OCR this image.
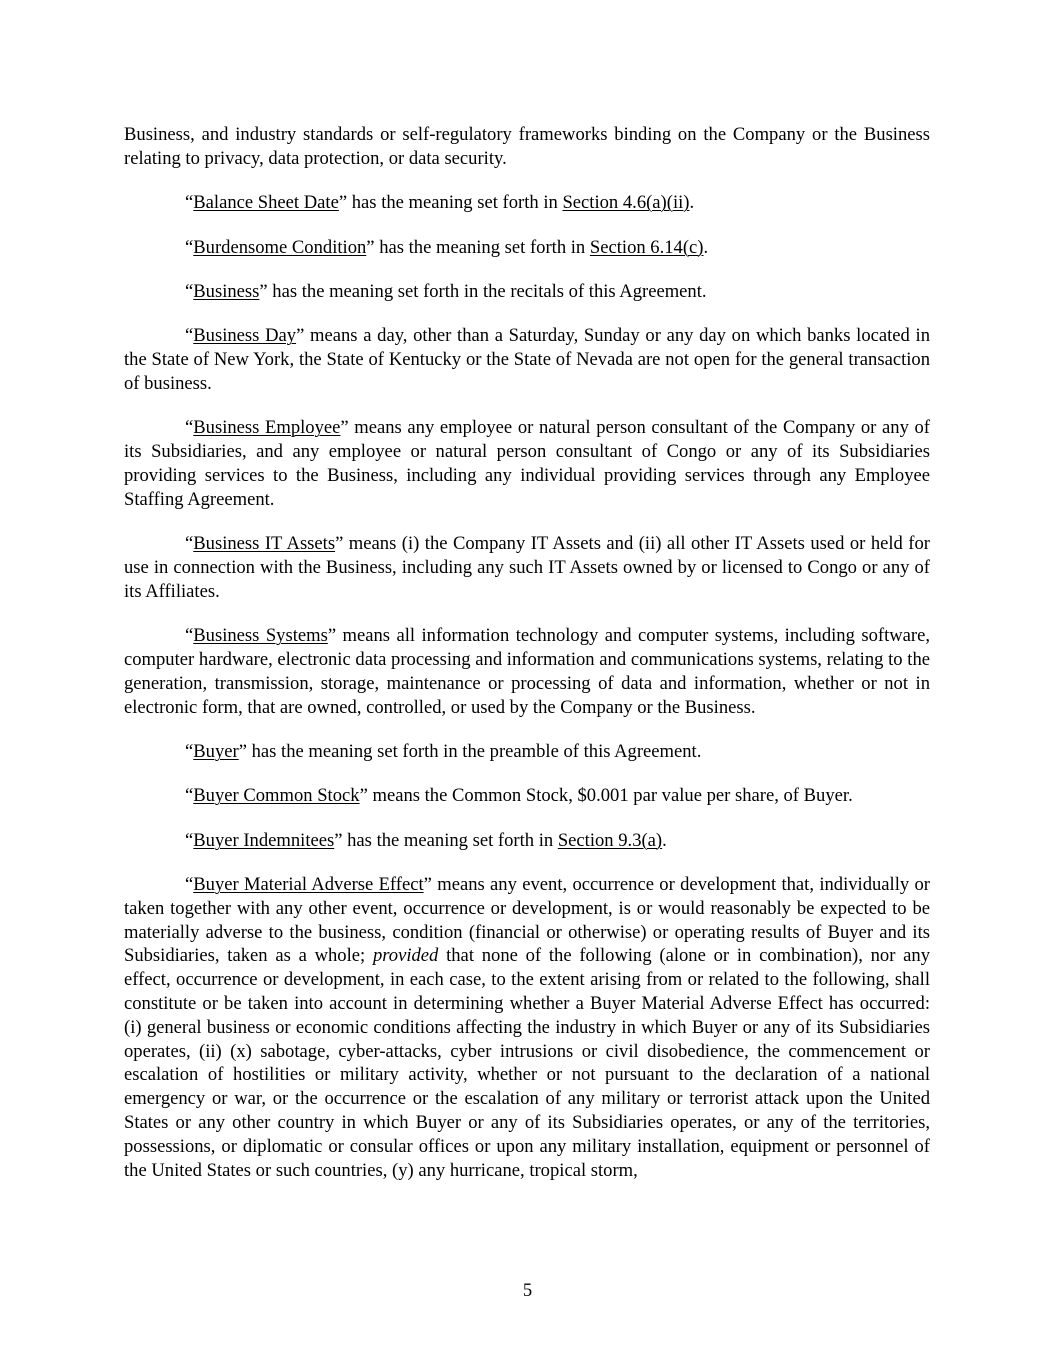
Business, and industry standards or self-regulatory frameworks binding on the Company or the Business relating to privacy, data protection, or data security.

“Balance Sheet Date” has the meaning set forth in Section 4.6(a)(ii).

“Burdensome Condition” has the meaning set forth in Section 6.14(c).

“Business” has the meaning set forth in the recitals of this Agreement.

“Business Day” means a day, other than a Saturday, Sunday or any day on which banks located in the State of New York, the State of Kentucky or the State of Nevada are not open for the general transaction of business.

“Business Employee” means any employee or natural person consultant of the Company or any of its Subsidiaries, and any employee or natural person consultant of Congo or any of its Subsidiaries providing services to the Business, including any individual providing services through any Employee Staffing Agreement.

“Business IT Assets” means (i) the Company IT Assets and (ii) all other IT Assets used or held for use in connection with the Business, including any such IT Assets owned by or licensed to Congo or any of its Affiliates.

“Business Systems” means all information technology and computer systems, including software, computer hardware, electronic data processing and information and communications systems, relating to the generation, transmission, storage, maintenance or processing of data and information, whether or not in electronic form, that are owned, controlled, or used by the Company or the Business.

“Buyer” has the meaning set forth in the preamble of this Agreement.

“Buyer Common Stock” means the Common Stock, $0.001 par value per share, of Buyer.

“Buyer Indemnitees” has the meaning set forth in Section 9.3(a).

“Buyer Material Adverse Effect” means any event, occurrence or development that, individually or taken together with any other event, occurrence or development, is or would reasonably be expected to be materially adverse to the business, condition (financial or otherwise) or operating results of Buyer and its Subsidiaries, taken as a whole; provided that none of the following (alone or in combination), nor any effect, occurrence or development, in each case, to the extent arising from or related to the following, shall constitute or be taken into account in determining whether a Buyer Material Adverse Effect has occurred: (i) general business or economic conditions affecting the industry in which Buyer or any of its Subsidiaries operates, (ii) (x) sabotage, cyber-attacks, cyber intrusions or civil disobedience, the commencement or escalation of hostilities or military activity, whether or not pursuant to the declaration of a national emergency or war, or the occurrence or the escalation of any military or terrorist attack upon the United States or any other country in which Buyer or any of its Subsidiaries operates, or any of the territories, possessions, or diplomatic or consular offices or upon any military installation, equipment or personnel of the United States or such countries, (y) any hurricane, tropical storm,

5
